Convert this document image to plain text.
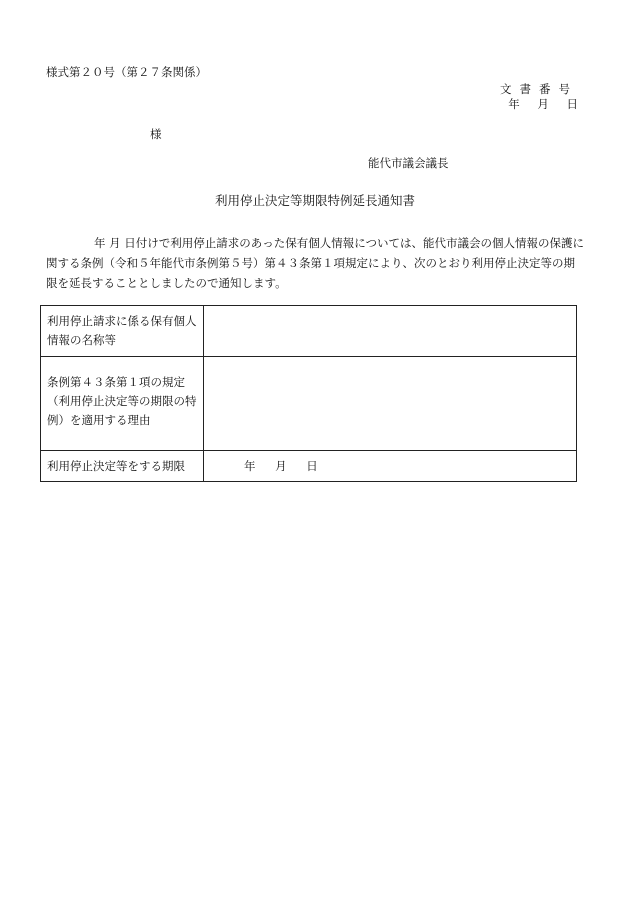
様式第２０号（第２７条関係）
文書番号
年 月 日
様
能代市議会議長
利用停止決定等期限特例延長通知書
年 月 日付けで利用停止請求のあった保有個人情報については、能代市議会の個人情報の保護に関する条例（令和５年能代市条例第５号）第４３条第１項規定により、次のとおり利用停止決定等の期限を延長することとしましたので通知します。
利用停止請求に係る保有個人情報の名称等	
条例第４３条第１項の規定（利用停止決定等の期限の特例）を適用する理由	
利用停止決定等をする期限	年 月 日
